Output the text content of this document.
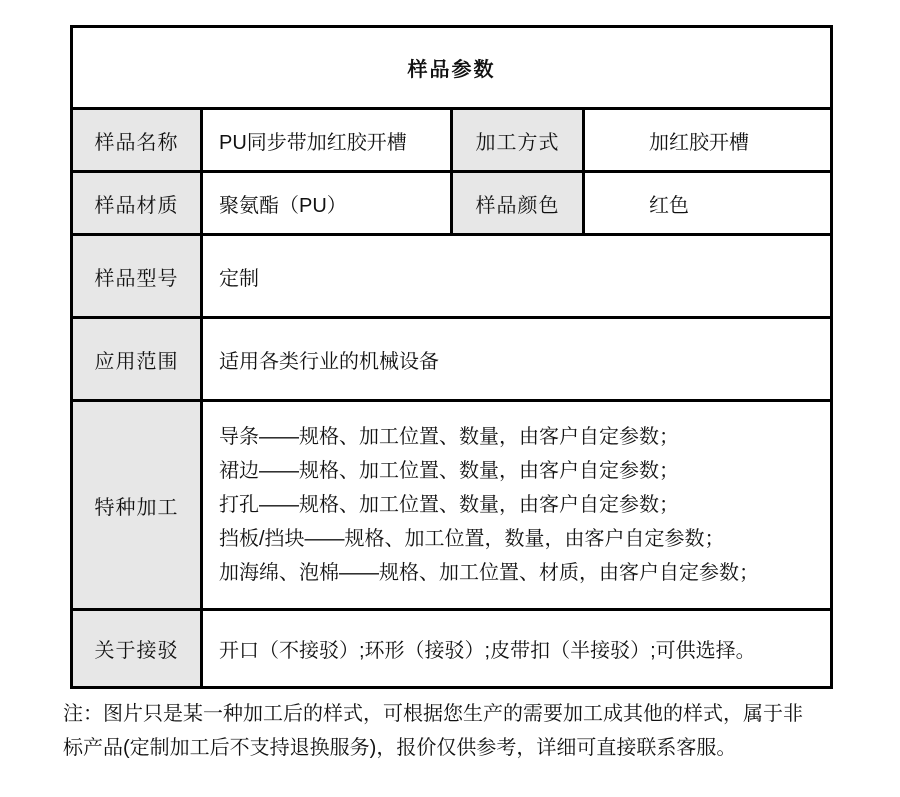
样品参数			
样品名称	PU同步带加红胶开槽	加工方式	加红胶开槽
样品材质	聚氨酯（PU）	样品颜色	红色
样品型号	定制		
应用范围	适用各类行业的机械设备		
特种加工	导条——规格、加工位置、数量，由客户自定参数；
裙边——规格、加工位置、数量，由客户自定参数；
打孔——规格、加工位置、数量，由客户自定参数；
挡板/挡块——规格、加工位置，数量，由客户自定参数；
加海绵、泡棉——规格、加工位置、材质，由客户自定参数；		

关于接驳	开口（不接驳）;环形（接驳）;皮带扣（半接驳）;可供选择。		
注：图片只是某一种加工后的样式，可根据您生产的需要加工成其他的样式，属于非
标产品(定制加工后不支持退换服务)，报价仅供参考，详细可直接联系客服。
